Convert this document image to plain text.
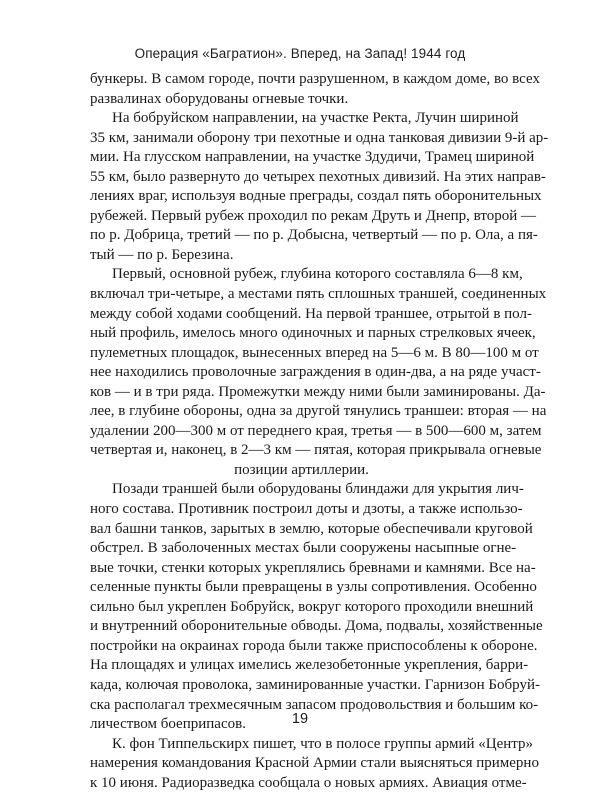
Операция «Багратион». Вперед, на Запад! 1944 год
бункеры. В самом городе, почти разрушенном, в каждом доме, во всех
развалинах оборудованы огневые точки.
На бобруйском направлении, на участке Ректа, Лучин шириной
35 км, занимали оборону три пехотные и одна танковая дивизии 9-й ар-
мии. На глусском направлении, на участке Здудичи, Трамец шириной
55 км, было развернуто до четырех пехотных дивизий. На этих направ-
лениях враг, используя водные преграды, создал пять оборонительных
рубежей. Первый рубеж проходил по рекам Друть и Днепр, второй —
по р. Добрица, третий — по р. Добысна, четвертый — по р. Ола, а пя-
тый — по р. Березина.
Первый, основной рубеж, глубина которого составляла 6—8 км,
включал три-четыре, а местами пять сплошных траншей, соединенных
между собой ходами сообщений. На первой траншее, отрытой в пол-
ный профиль, имелось много одиночных и парных стрелковых ячеек,
пулеметных площадок, вынесенных вперед на 5—6 м. В 80—100 м от
нее находились проволочные заграждения в один-два, а на ряде участ-
ков — и в три ряда. Промежутки между ними были заминированы. Да-
лее, в глубине обороны, одна за другой тянулись траншеи: вторая — на
удалении 200—300 м от переднего края, третья — в 500—600 м, затем
четвертая и, наконец, в 2—3 км — пятая, которая прикрывала огневые
позиции артиллерии.
Позади траншей были оборудованы блиндажи для укрытия лич-
ного состава. Противник построил доты и дзоты, а также использо-
вал башни танков, зарытых в землю, которые обеспечивали круговой
обстрел. В заболоченных местах были сооружены насыпные огне-
вые точки, стенки которых укреплялись бревнами и камнями. Все на-
селенные пункты были превращены в узлы сопротивления. Особенно
сильно был укреплен Бобруйск, вокруг которого проходили внешний
и внутренний оборонительные обводы. Дома, подвалы, хозяйственные
постройки на окраинах города были также приспособлены к обороне.
На площадях и улицах имелись железобетонные укрепления, барри-
када, колючая проволока, заминированные участки. Гарнизон Бобруй-
ска располагал трехмесячным запасом продовольствия и большим ко-
личеством боеприпасов.
К. фон Типпельскирх пишет, что в полосе группы армий «Центр»
намерения командования Красной Армии стали выясняться примерно
к 10 июня. Радиоразведка сообщала о новых армиях. Авиация отме-
19
